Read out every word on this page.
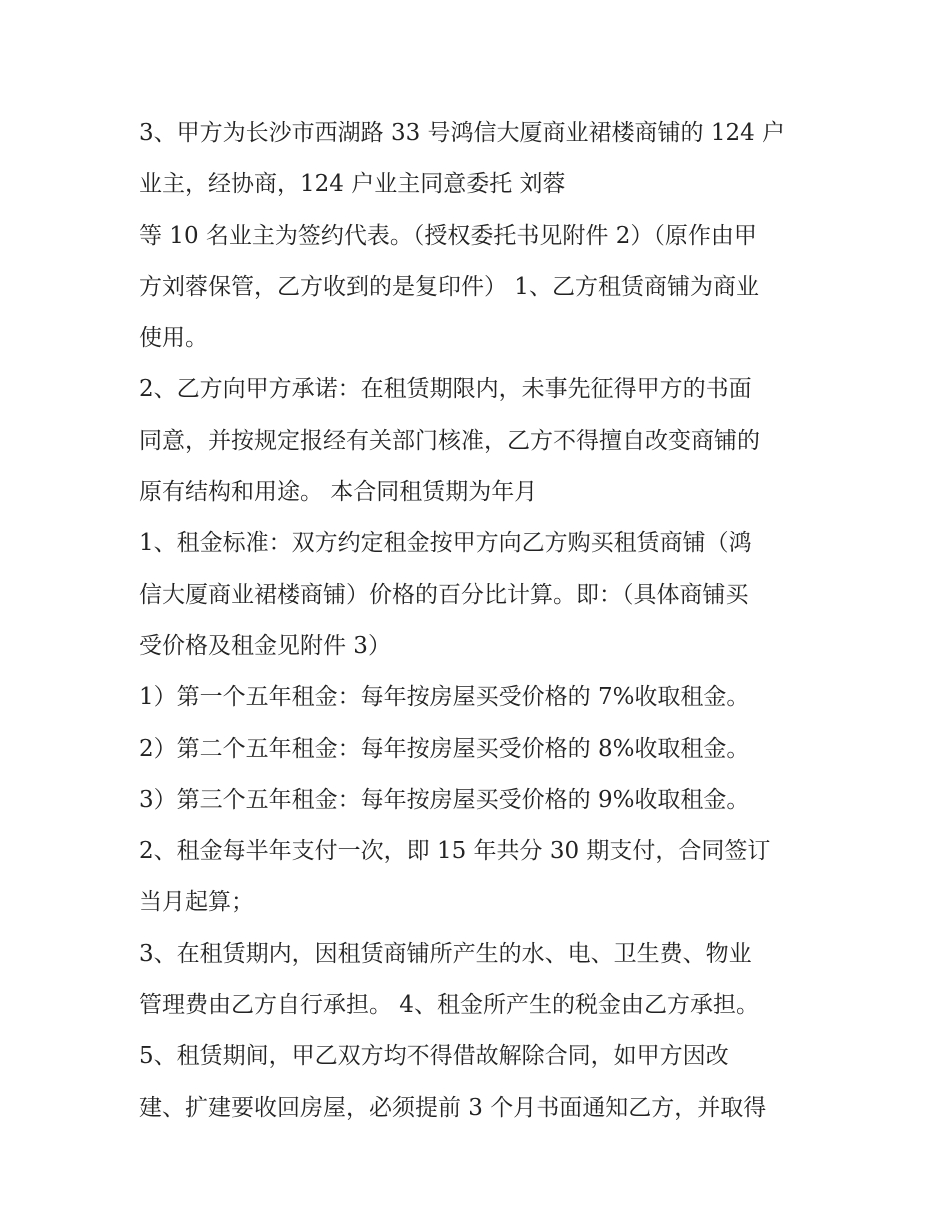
3、甲方为长沙市西湖路 33 号鸿信大厦商业裙楼商铺的 124 户
业主，经协商，124 户业主同意委托 刘蓉
等 10 名业主为签约代表。（授权委托书见附件 2）（原作由甲
方刘蓉保管，乙方收到的是复印件） 1、乙方租赁商铺为商业
使用。
2、乙方向甲方承诺：在租赁期限内，未事先征得甲方的书面
同意，并按规定报经有关部门核准，乙方不得擅自改变商铺的
原有结构和用途。 本合同租赁期为年月
1、租金标准：双方约定租金按甲方向乙方购买租赁商铺（鸿
信大厦商业裙楼商铺）价格的百分比计算。即：（具体商铺买
受价格及租金见附件 3）
1）第一个五年租金：每年按房屋买受价格的 7%收取租金。
2）第二个五年租金：每年按房屋买受价格的 8%收取租金。
3）第三个五年租金：每年按房屋买受价格的 9%收取租金。
2、租金每半年支付一次，即 15 年共分 30 期支付，合同签订
当月起算；
3、在租赁期内，因租赁商铺所产生的水、电、卫生费、物业
管理费由乙方自行承担。 4、租金所产生的税金由乙方承担。
5、租赁期间，甲乙双方均不得借故解除合同，如甲方因改
建、扩建要收回房屋，必须提前 3 个月书面通知乙方，并取得
